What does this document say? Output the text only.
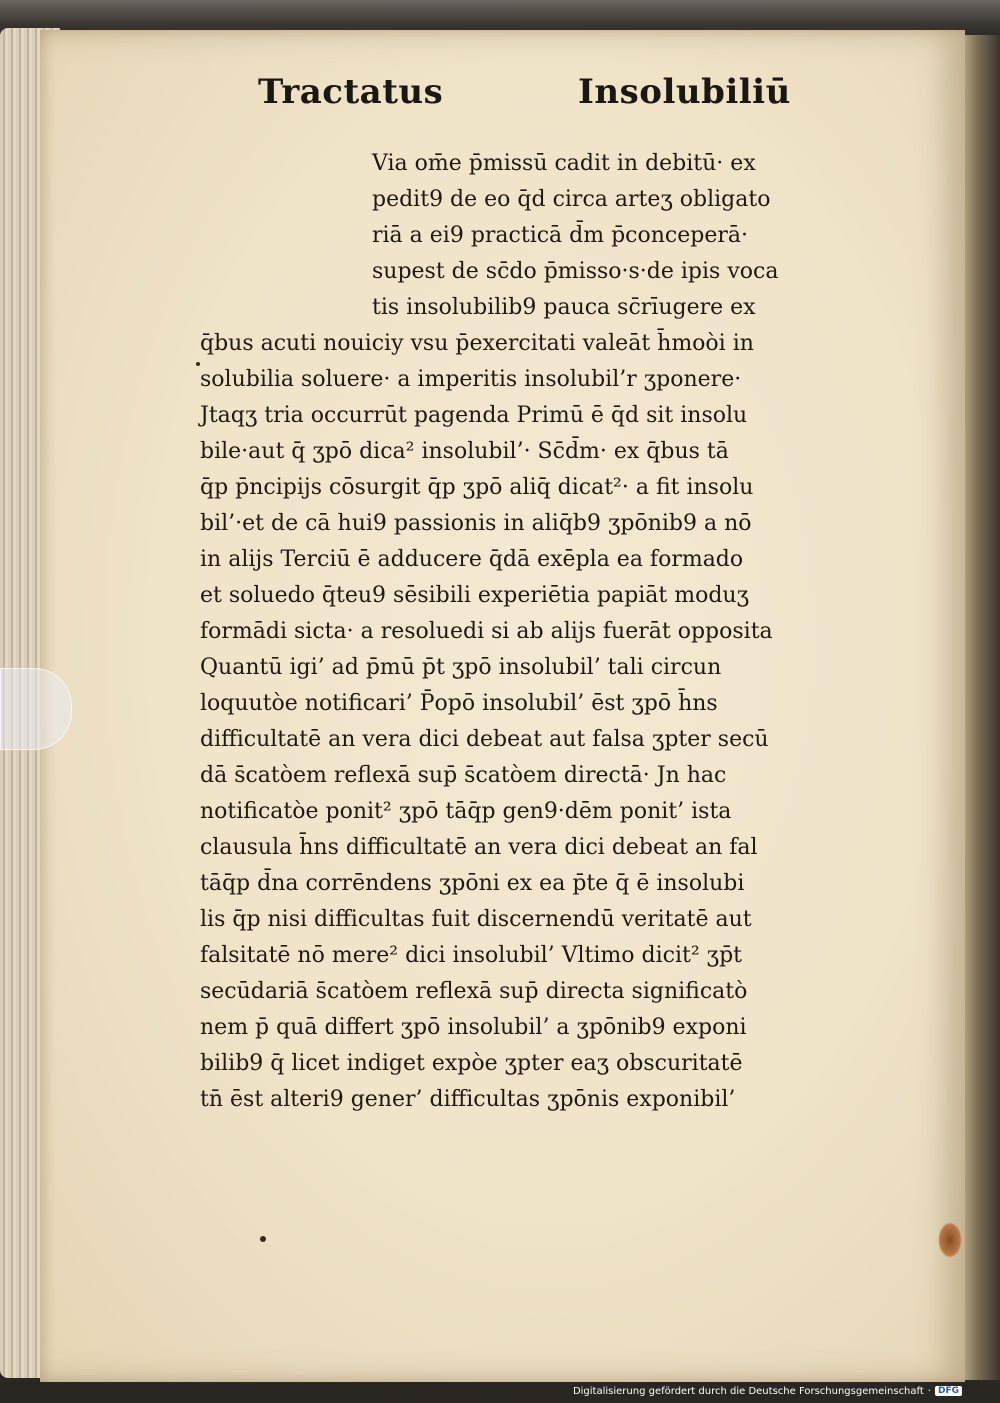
Tractatus	Insolubiliū
Via om̄e p̄missū cadit in debitū· ex
pedit9 de eo q̄d circa arteʒ obligato
riā a ei9 practicā d̄m p̄conceperā·
supest de sc̄do p̄misso·s·de ipis voca
tis insolubilib9 pauca sc̄rīugere ex
q̄bus acuti nouiciy vsu p̄exercitati valeāt h̄moòi in
solubilia soluere· a imperitis insolubil’r ʒponere·
Jtaqʒ tria occurrūt pagenda Primū ē q̄d sit insolu
bile·aut q̄ ʒpō dica² insolubil’· Sc̄d̄m· ex q̄bus tā
q̄p p̄ncipijs cōsurgit q̄p ʒpō aliq̄ dicat²· a fit insolu
bil’·et de cā hui9 passionis in aliq̄b9 ʒpōnib9 a nō
in alijs Terciū ē adducere q̄dā exēpla ea formado
et soluedo q̄teu9 sēsibili experiētia papiāt moduʒ
formādi sicta· a resoluedi si ab alijs fuerāt opposita
Quantū igi’ ad p̄mū p̄t ʒpō insolubil’ tali circun
loquutòe notificari’ P̄opō insolubil’ ēst ʒpō h̄ns
difficultatē an vera dici debeat aut falsa ʒpter secū
dā s̄catòem reflexā sup̄ s̄catòem directā· Jn hac
notificatòe ponit² ʒpō tāq̄p gen9·dēm ponit’ ista
clausula h̄ns difficultatē an vera dici debeat an fal
tāq̄p d̄na corrēndens ʒpōni ex ea p̄te q̄ ē insolubi
lis q̄p nisi difficultas fuit discernendū veritatē aut
falsitatē nō mere² dici insolubil’ Vltimo dicit² ʒp̄t
secūdariā s̄catòem reflexā sup̄ directa significatò
nem p̄ quā differt ʒpō insolubil’ a ʒpōnib9 exponi
bilib9 q̄ licet indiget expòe ʒpter eaʒ obscuritatē
tn̄ ēst alteri9 gener’ difficultas ʒpōnis exponibil’
Digitalisierung gefördert durch die Deutsche Forschungsgemeinschaft · DFG
